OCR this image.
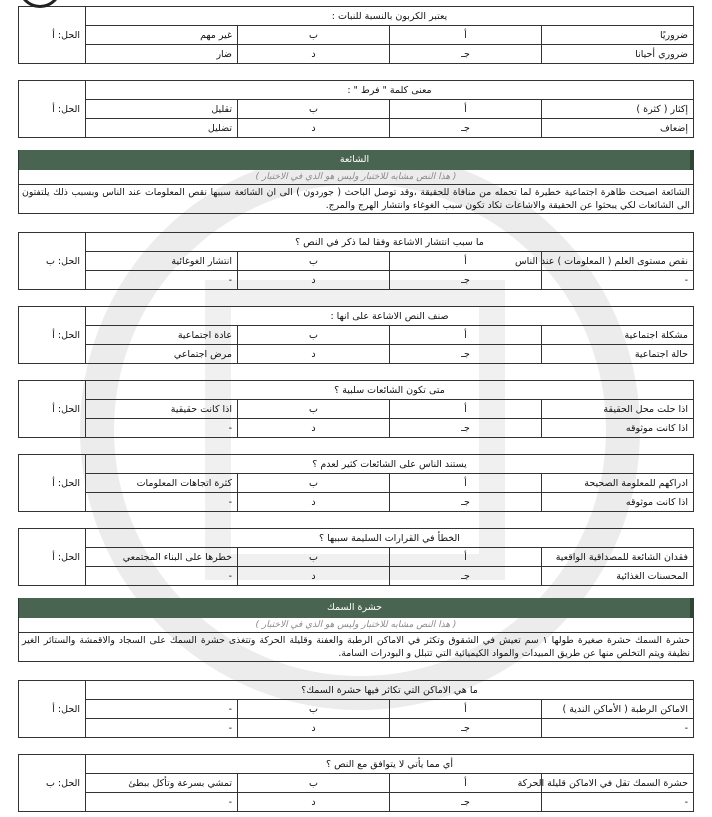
يعتبر الكربون بالنسبة للنبات :				الحل: أ
ضروريًا	أ	ب	غير مهم	
ضروري أحيانا	جـ	د	ضار	
معنى كلمة " فرط " :				الحل: أ
إكثار ( كثرة )	أ	ب	تقليل	
إضعاف	جـ	د	تضليل	
ما سبب انتشار الاشاعة وفقا لما ذكر في النص ؟				الحل: ب
نقص مستوى العلم ( المعلومات ) عند الناس	أ	ب	انتشار الغوغائية	
-	جـ	د	-	
صنف النص الاشاعة على انها :				الحل: أ
مشكلة اجتماعية	أ	ب	عادة اجتماعية	
حالة اجتماعية	جـ	د	مرض اجتماعي	
متى تكون الشائعات سلبية ؟				الحل: أ
اذا حلت محل الحقيقة	أ	ب	اذا كانت حقيقية	
اذا كانت موثوقه	جـ	د	-	
يستند الناس على الشائعات كثير لعدم ؟				الحل: أ
ادراكهم للمعلومة الصحيحة	أ	ب	كثرة اتجاهات المعلومات	
اذا كانت موثوقه	جـ	د	-	
الخطأ في القرارات السليمة سببها ؟				الحل: أ
فقدان الشائعة للمصداقية الواقعية	أ	ب	خطرها على البناء المجتمعي	
المحسنات الغذائية	جـ	د	-	
ما هي الاماكن التي تكاثر فيها حشرة السمك؟				الحل: أ
الاماكن الرطبة ( الأماكن الندية )	أ	ب	-	
-	جـ	د	-	
أي مما يأتي لا يتوافق مع النص ؟				الحل: ب
حشرة السمك تقل في الاماكن قليلة الحركة	أ	ب	تمشي بسرعة وتأكل ببطئ	
-	جـ	د	-	
الشائعة
( هذا النص مشابه للاختبار وليس هو الذي في الاختبار )
الشائعة اصبحت ظاهرة اجتماعية خطيرة لما تحمله من منافاة للحقيقة ،وقد توصل الباحث ( جوردون ) الى ان الشائعة سببها نقص المعلومات عند الناس وبسبب ذلك يلتفتون الى الشائعات لكي يبحثوا عن الحقيقة والاشاعات تكاد تكون سبب الغوغاء وانتشار الهرج والمرج.
حشرة السمك
( هذا النص مشابه للاختبار وليس هو الذي في الاختبار )
حشرة السمك حشرة صغيرة طولها ١ سم تعيش في الشقوق وتكثر في الاماكن الرطبة والعفنة وقليلة الحركة وتتغذى حشرة السمك على السجاد والاقمشة والستائر الغير نظيفة ويتم التخلص منها عن طريق المبيدات والمواد الكيميائية التي تتبلل و البودرات السامة.
